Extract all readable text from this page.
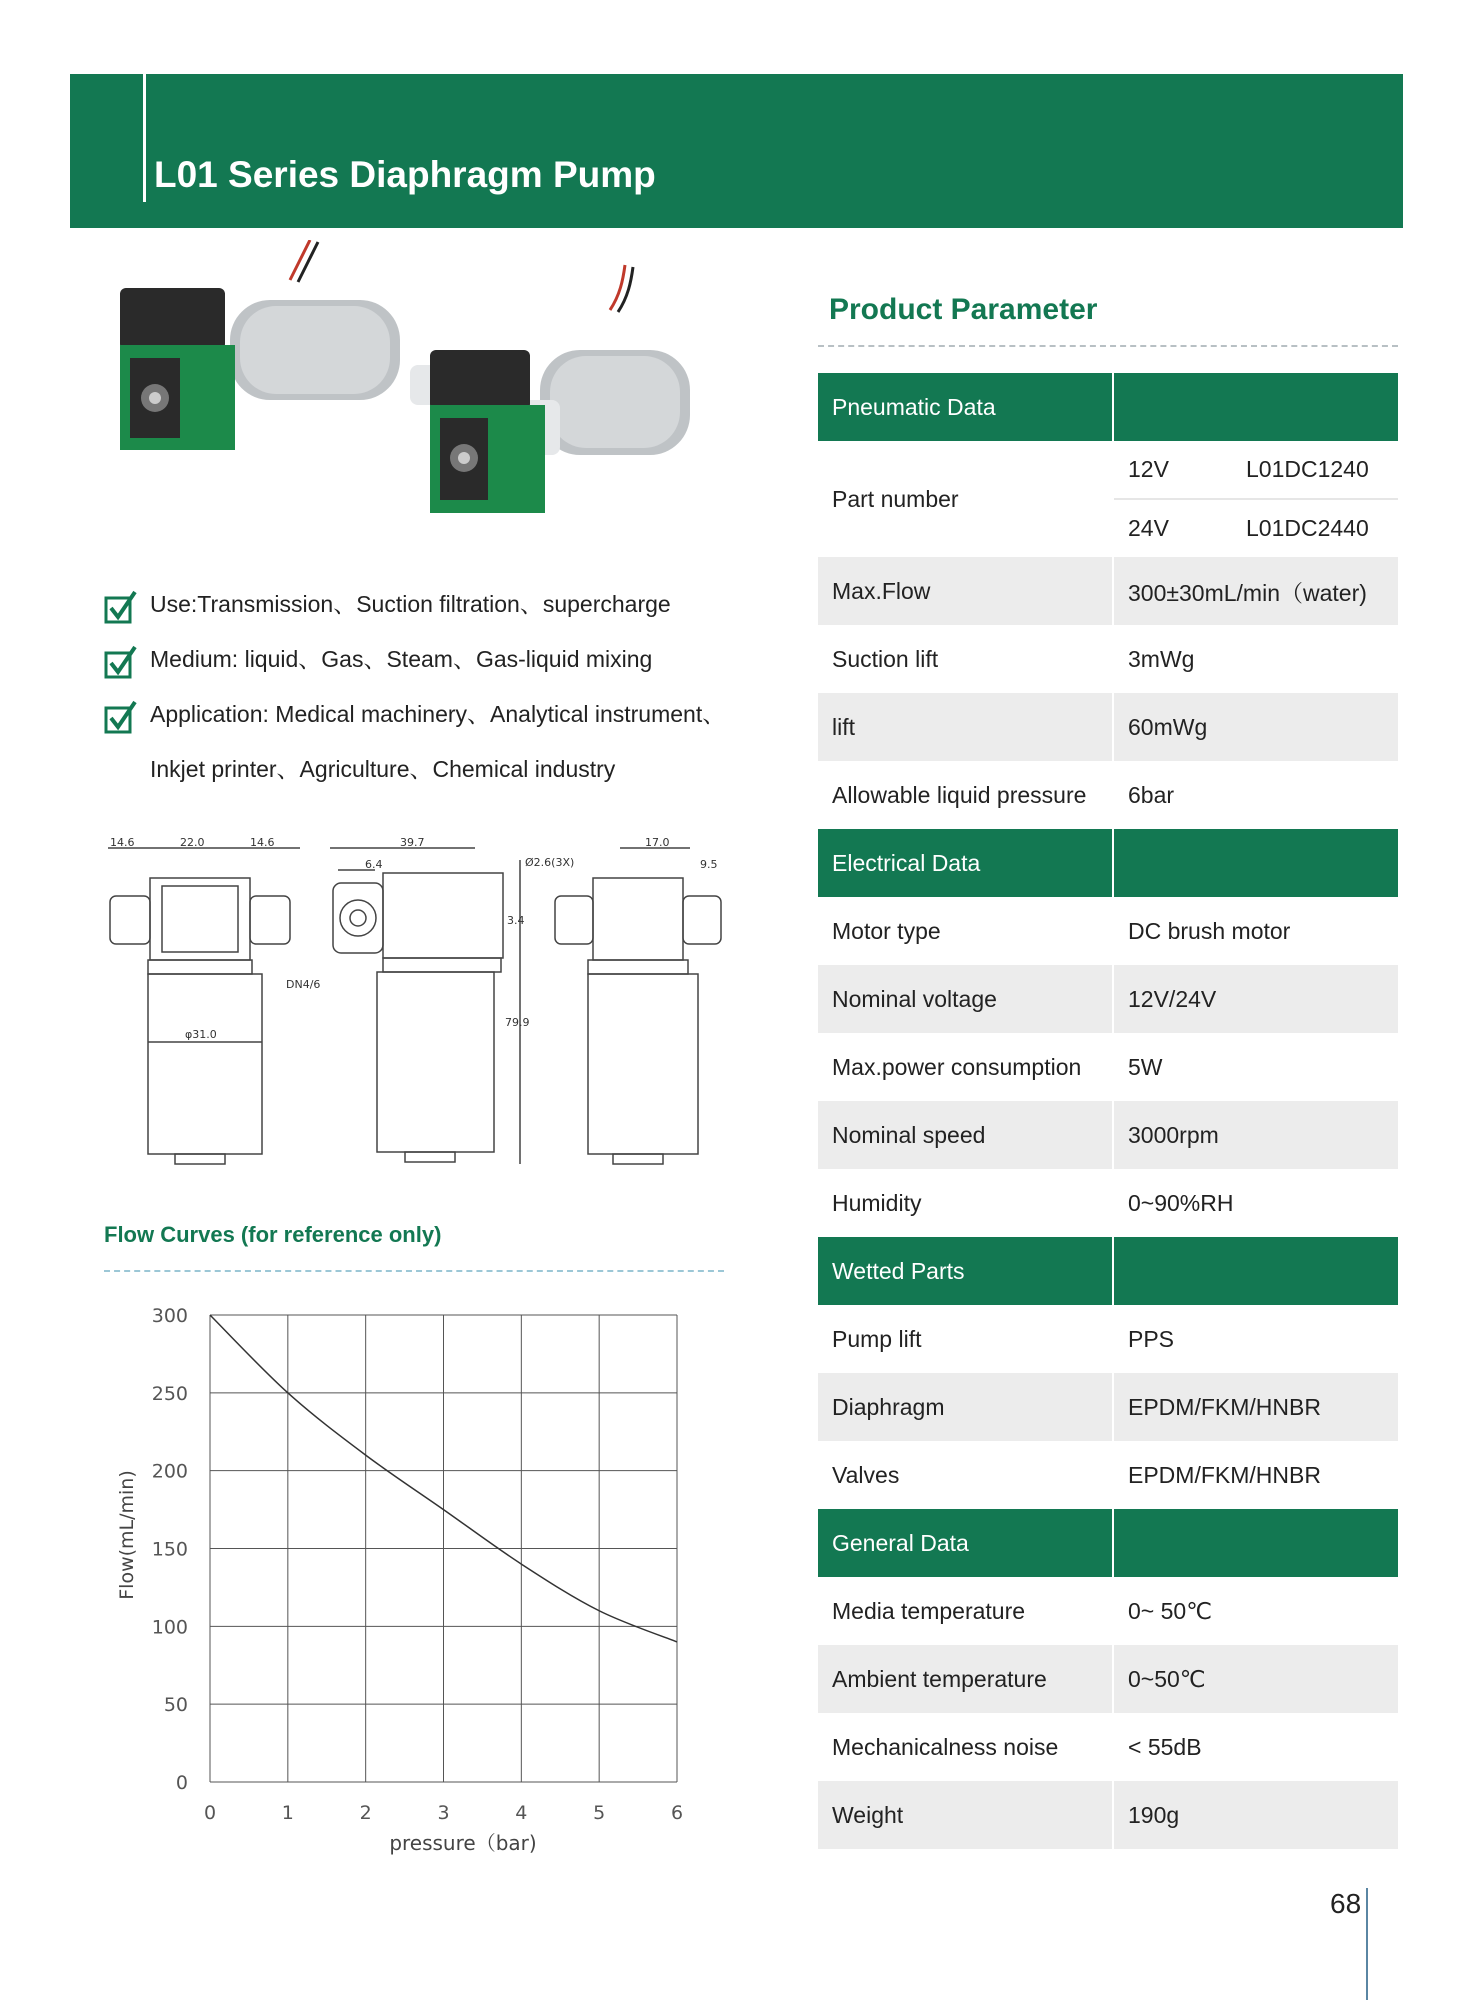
L01 Series Diaphragm Pump
Use:Transmission、Suction filtration、supercharge
Medium: liquid、Gas、Steam、Gas-liquid mixing
Application: Medical machinery、Analytical instrument、
Inkjet printer、Agriculture、Chemical industry
14.6	22.0	14.6	39.7
6.4	Ø2.6(3X)
17.0
9.5
3.4
79.9
DN4/6
φ31.0
Flow Curves (for reference only)
0	1	2	3	4	5	6
0
50
100
150
200
250
300
pressure（bar)
Flow(mL/min)
Product Parameter
Pneumatic Data
Part number
12V	L01DC1240
24V	L01DC2440
Max.Flow	300±30mL/min（water)
Suction lift	3mWg
lift	60mWg
Allowable liquid pressure	6bar
Electrical Data
Motor type	DC brush motor
Nominal voltage	12V/24V
Max.power consumption	5W
Nominal speed	3000rpm
Humidity	0~90%RH
Wetted Parts
Pump lift	PPS
Diaphragm	EPDM/FKM/HNBR
Valves	EPDM/FKM/HNBR
General Data
Media temperature	0~ 50℃
Ambient temperature	0~50℃
Mechanicalness noise	< 55dB
Weight	190g
68
